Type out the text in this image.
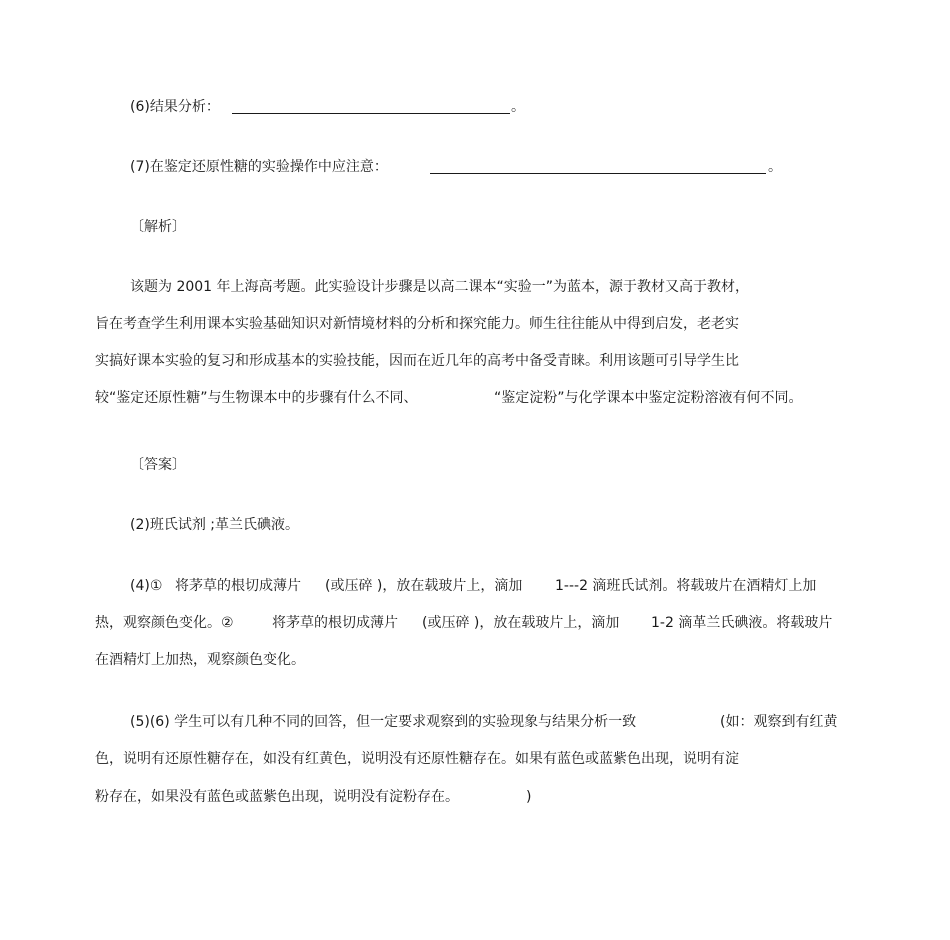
(6)结果分析：	。
(7)在鉴定还原性糖的实验操作中应注意：	。
〔解析〕
该题为 2001 年上海高考题。此实验设计步骤是以高二课本“实验一”为蓝本，源于教材又高于教材，
旨在考查学生利用课本实验基础知识对新情境材料的分析和探究能力。师生往往能从中得到启发，老老实
实搞好课本实验的复习和形成基本的实验技能，因而在近几年的高考中备受青睐。利用该题可引导学生比
较“鉴定还原性糖”与生物课本中的步骤有什么不同、	“鉴定淀粉”与化学课本中鉴定淀粉溶液有何不同。
〔答案〕
(2)班氏试剂 ;革兰氏碘液。
(4)① 将茅草的根切成薄片 (或压碎 )，放在载玻片上，滴加 1---2 滴班氏试剂。将载玻片在酒精灯上加
热，观察颜色变化。②	将茅草的根切成薄片 (或压碎 )，放在载玻片上，滴加 1-2 滴革兰氏碘液。将载玻片
在酒精灯上加热，观察颜色变化。
(5)(6) 学生可以有几种不同的回答，但一定要求观察到的实验现象与结果分析一致	(如：观察到有红黄
色，说明有还原性糖存在，如没有红黄色，说明没有还原性糖存在。如果有蓝色或蓝紫色出现，说明有淀
粉存在，如果没有蓝色或蓝紫色出现，说明没有淀粉存在。	)
